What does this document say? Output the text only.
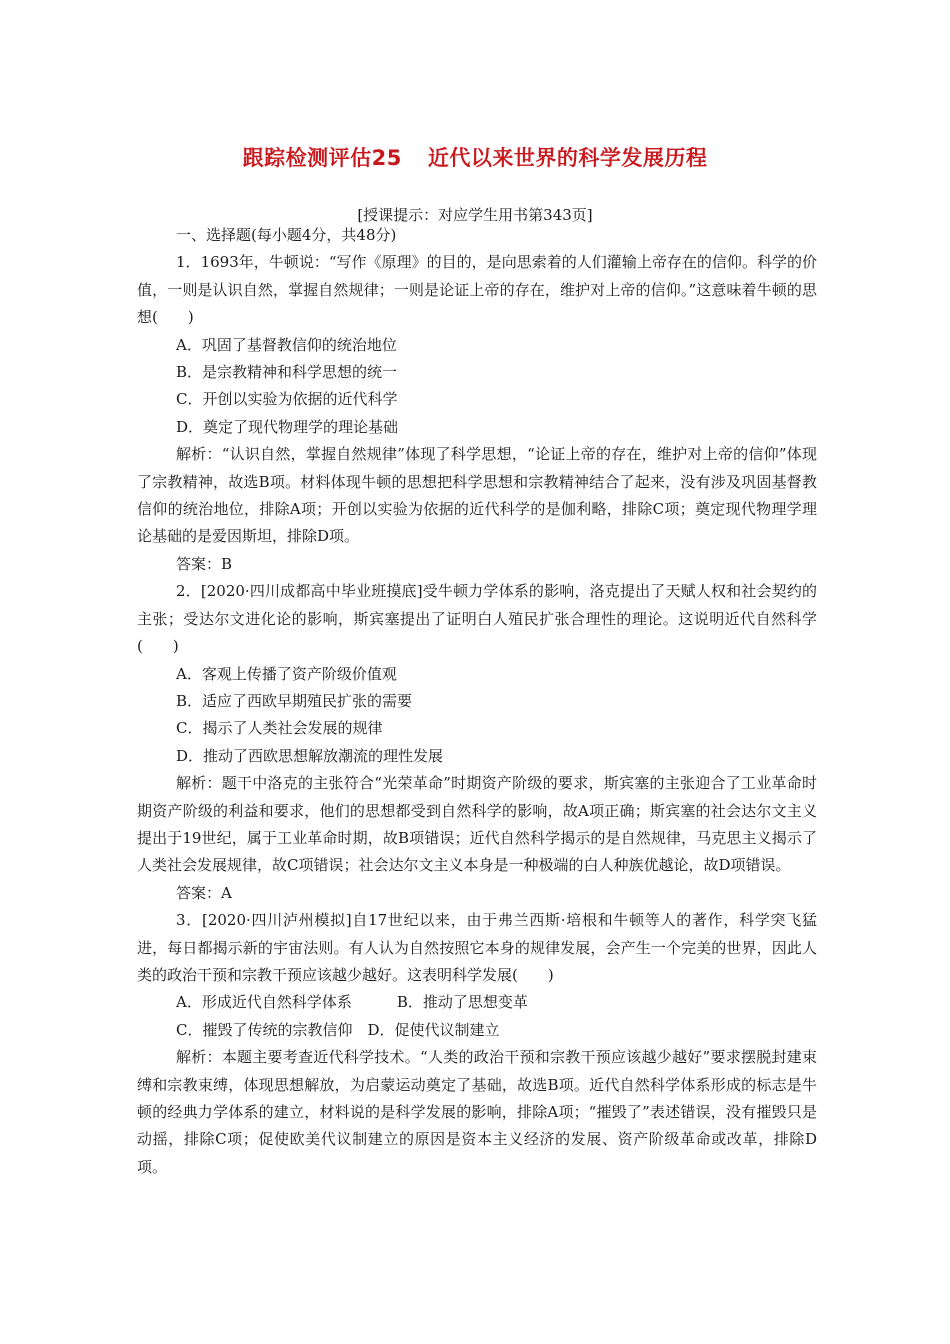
跟踪检测评估25 近代以来世界的科学发展历程
[授课提示：对应学生用书第343页]

一、选择题(每小题4分，共48分)

1．1693年，牛顿说：“写作《原理》的目的，是向思索着的人们灌输上帝存在的信仰。科学的价值，一则是认识自然，掌握自然规律；一则是论证上帝的存在，维护对上帝的信仰。”这意味着牛顿的思想(　　)

A．巩固了基督教信仰的统治地位

B．是宗教精神和科学思想的统一

C．开创以实验为依据的近代科学

D．奠定了现代物理学的理论基础

解析：“认识自然，掌握自然规律”体现了科学思想，“论证上帝的存在，维护对上帝的信仰”体现了宗教精神，故选B项。材料体现牛顿的思想把科学思想和宗教精神结合了起来，没有涉及巩固基督教信仰的统治地位，排除A项；开创以实验为依据的近代科学的是伽利略，排除C项；奠定现代物理学理论基础的是爱因斯坦，排除D项。

答案：B

2．[2020·四川成都高中毕业班摸底]受牛顿力学体系的影响，洛克提出了天赋人权和社会契约的主张；受达尔文进化论的影响，斯宾塞提出了证明白人殖民扩张合理性的理论。这说明近代自然科学(　　)

A．客观上传播了资产阶级价值观

B．适应了西欧早期殖民扩张的需要

C．揭示了人类社会发展的规律

D．推动了西欧思想解放潮流的理性发展

解析：题干中洛克的主张符合“光荣革命”时期资产阶级的要求，斯宾塞的主张迎合了工业革命时期资产阶级的利益和要求，他们的思想都受到自然科学的影响，故A项正确；斯宾塞的社会达尔文主义提出于19世纪，属于工业革命时期，故B项错误；近代自然科学揭示的是自然规律，马克思主义揭示了人类社会发展规律，故C项错误；社会达尔文主义本身是一种极端的白人种族优越论，故D项错误。

答案：A

3．[2020·四川泸州模拟]自17世纪以来，由于弗兰西斯·培根和牛顿等人的著作，科学突飞猛进，每日都揭示新的宇宙法则。有人认为自然按照它本身的规律发展，会产生一个完美的世界，因此人类的政治干预和宗教干预应该越少越好。这表明科学发展(　　)

A．形成近代自然科学体系　　　B．推动了思想变革

C．摧毁了传统的宗教信仰　D．促使代议制建立

解析：本题主要考查近代科学技术。“人类的政治干预和宗教干预应该越少越好”要求摆脱封建束缚和宗教束缚，体现思想解放，为启蒙运动奠定了基础，故选B项。近代自然科学体系形成的标志是牛顿的经典力学体系的建立，材料说的是科学发展的影响，排除A项；“摧毁了”表述错误，没有摧毁只是动摇，排除C项；促使欧美代议制建立的原因是资本主义经济的发展、资产阶级革命或改革，排除D项。
